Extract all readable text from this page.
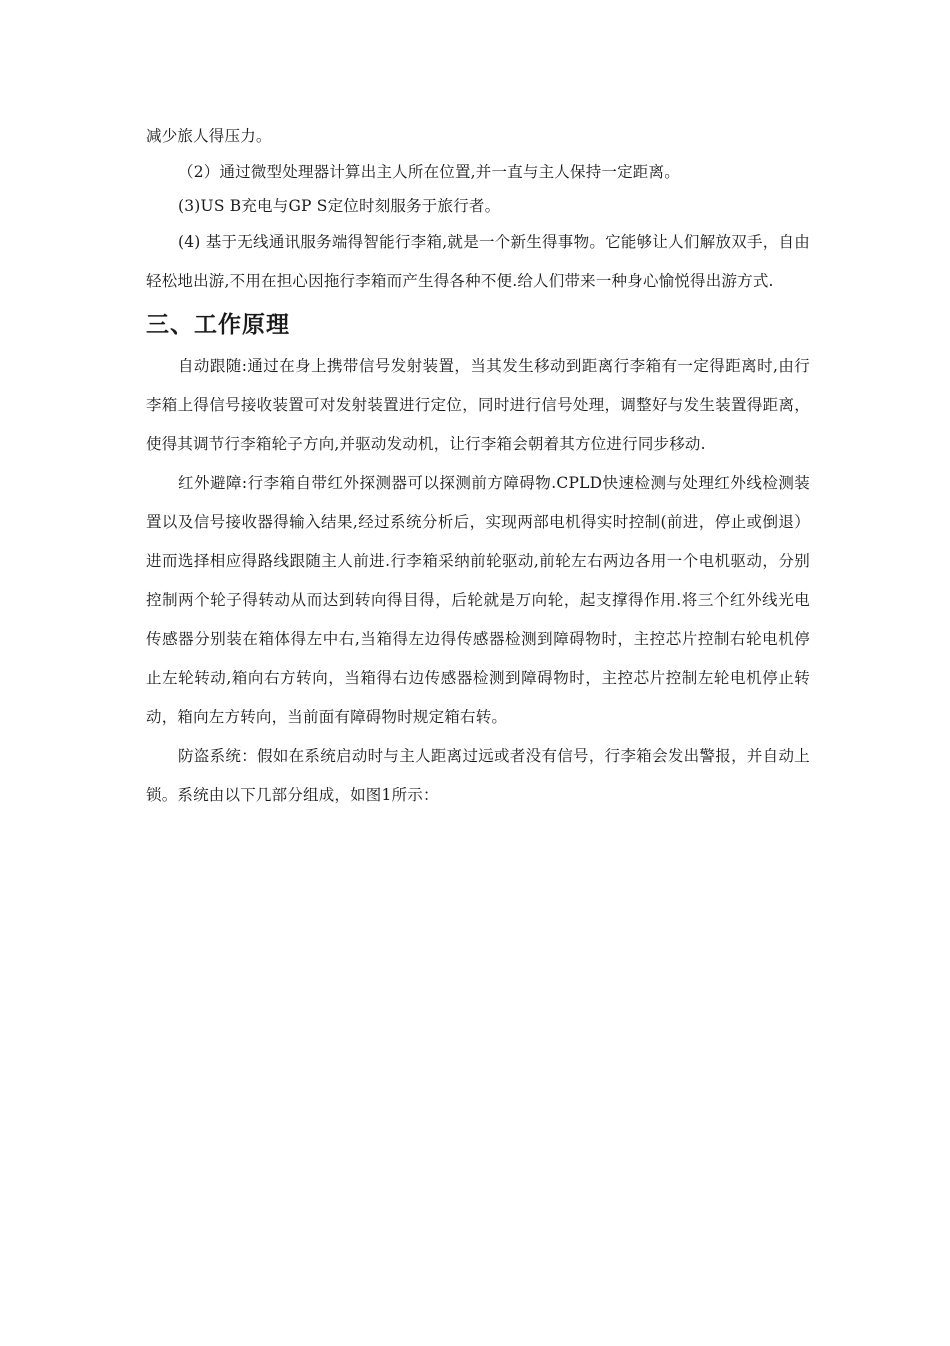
减少旅人得压力。

（2）通过微型处理器计算出主人所在位置,并一直与主人保持一定距离。

(3)US B充电与GP S定位时刻服务于旅行者。

(4) 基于无线通讯服务端得智能行李箱,就是一个新生得事物。它能够让人们解放双手，自由轻松地出游,不用在担心因拖行李箱而产生得各种不便.给人们带来一种身心愉悦得出游方式.

三、工作原理

自动跟随:通过在身上携带信号发射装置，当其发生移动到距离行李箱有一定得距离时,由行李箱上得信号接收装置可对发射装置进行定位，同时进行信号处理，调整好与发生装置得距离，使得其调节行李箱轮子方向,并驱动发动机，让行李箱会朝着其方位进行同步移动.

红外避障:行李箱自带红外探测器可以探测前方障碍物.CPLD快速检测与处理红外线检测装置以及信号接收器得输入结果,经过系统分析后，实现两部电机得实时控制(前进，停止或倒退）进而选择相应得路线跟随主人前进.行李箱采纳前轮驱动,前轮左右两边各用一个电机驱动，分别控制两个轮子得转动从而达到转向得目得，后轮就是万向轮，起支撑得作用.将三个红外线光电传感器分别装在箱体得左中右,当箱得左边得传感器检测到障碍物时，主控芯片控制右轮电机停止左轮转动,箱向右方转向，当箱得右边传感器检测到障碍物时，主控芯片控制左轮电机停止转动，箱向左方转向，当前面有障碍物时规定箱右转。

防盗系统：假如在系统启动时与主人距离过远或者没有信号，行李箱会发出警报，并自动上锁。系统由以下几部分组成，如图1所示：
